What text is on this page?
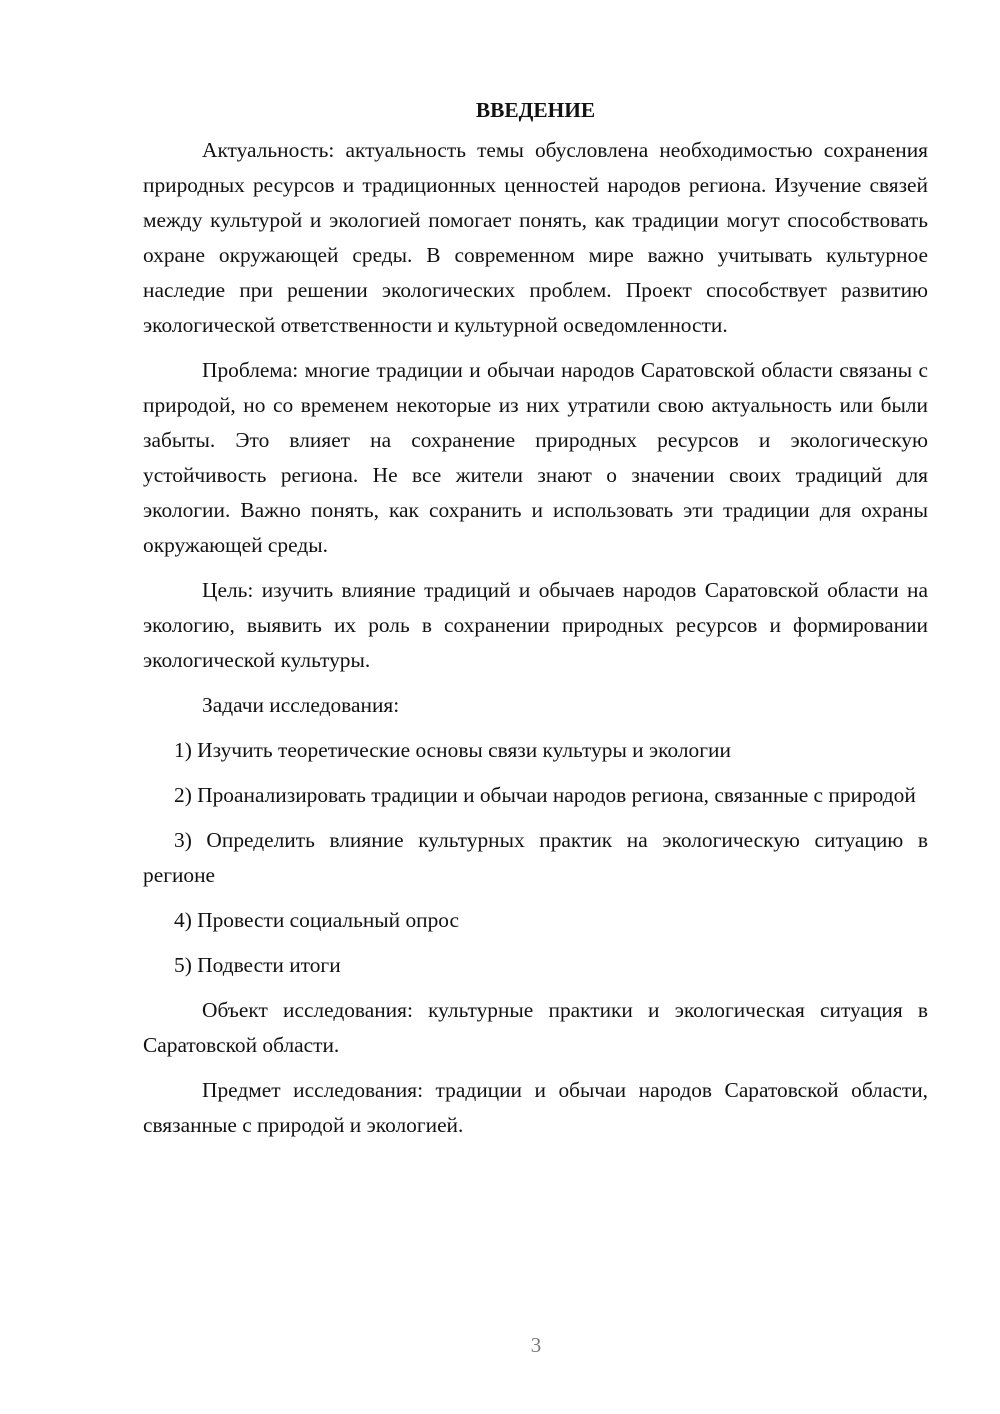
ВВЕДЕНИЕ

Актуальность: актуальность темы обусловлена необходимостью сохранения природных ресурсов и традиционных ценностей народов региона. Изучение связей между культурой и экологией помогает понять, как традиции могут способствовать охране окружающей среды. В современном мире важно учитывать культурное наследие при решении экологических проблем. Проект способствует развитию экологической ответственности и культурной осведомленности.

Проблема: многие традиции и обычаи народов Саратовской области связаны с природой, но со временем некоторые из них утратили свою актуальность или были забыты. Это влияет на сохранение природных ресурсов и экологическую устойчивость региона. Не все жители знают о значении своих традиций для экологии. Важно понять, как сохранить и использовать эти традиции для охраны окружающей среды.

Цель: изучить влияние традиций и обычаев народов Саратовской области на экологию, выявить их роль в сохранении природных ресурсов и формировании экологической культуры.

Задачи исследования:

1) Изучить теоретические основы связи культуры и экологии

2) Проанализировать традиции и обычаи народов региона, связанные с природой

3) Определить влияние культурных практик на экологическую ситуацию в регионе

4) Провести социальный опрос

5) Подвести итоги

Объект исследования: культурные практики и экологическая ситуация в Саратовской области.

Предмет исследования: традиции и обычаи народов Саратовской области, связанные с природой и экологией.

3
